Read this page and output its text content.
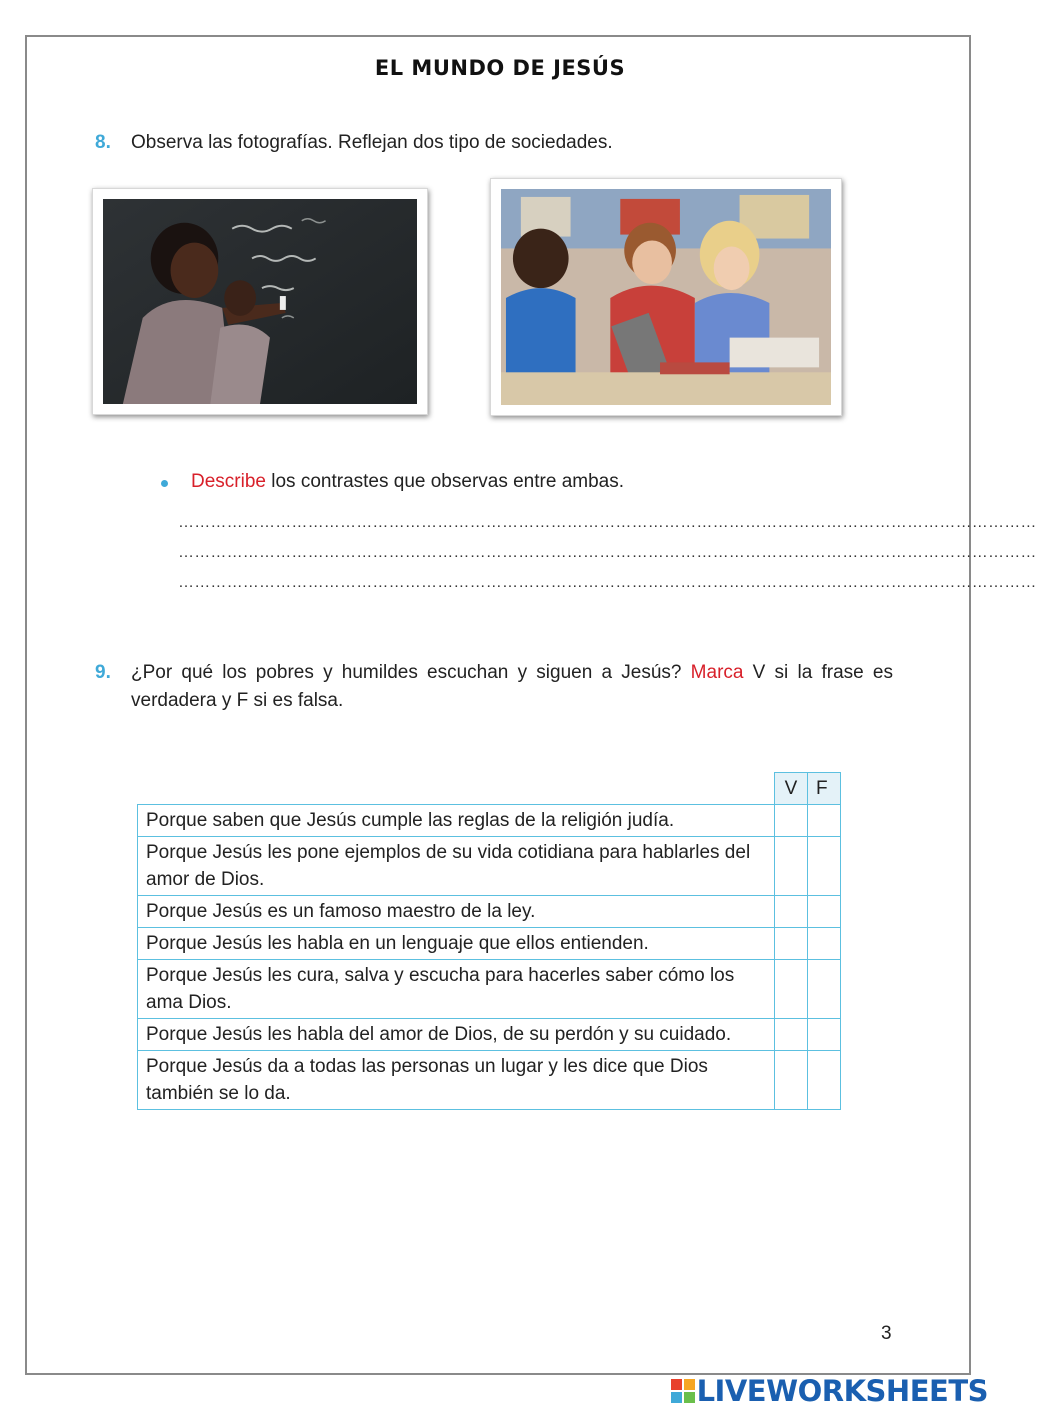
EL MUNDO DE JESÚS
8. Observa las fotografías. Reflejan dos tipo de sociedades.
Describe los contrastes que observas entre ambas.
……………………………………………………………………………………………………………………………………………
……………………………………………………………………………………………………………………………………………
……………………………………………………………………………………………………………………………………………
9. ¿Por qué los pobres y humildes escuchan y siguen a Jesús? Marca V si la frase es verdadera y F si es falsa.
	V	F
Porque saben que Jesús cumple las reglas de la religión judía.		
Porque Jesús les pone ejemplos de su vida cotidiana para hablarles del amor de Dios.		
Porque Jesús es un famoso maestro de la ley.		
Porque Jesús les habla en un lenguaje que ellos entienden.		
Porque Jesús les cura, salva y escucha para hacerles saber cómo los ama Dios.		
Porque Jesús les habla del amor de Dios, de su perdón y su cuidado.		
Porque Jesús da a todas las personas un lugar y les dice que Dios también se lo da.		
3
LIVEWORKSHEETS
